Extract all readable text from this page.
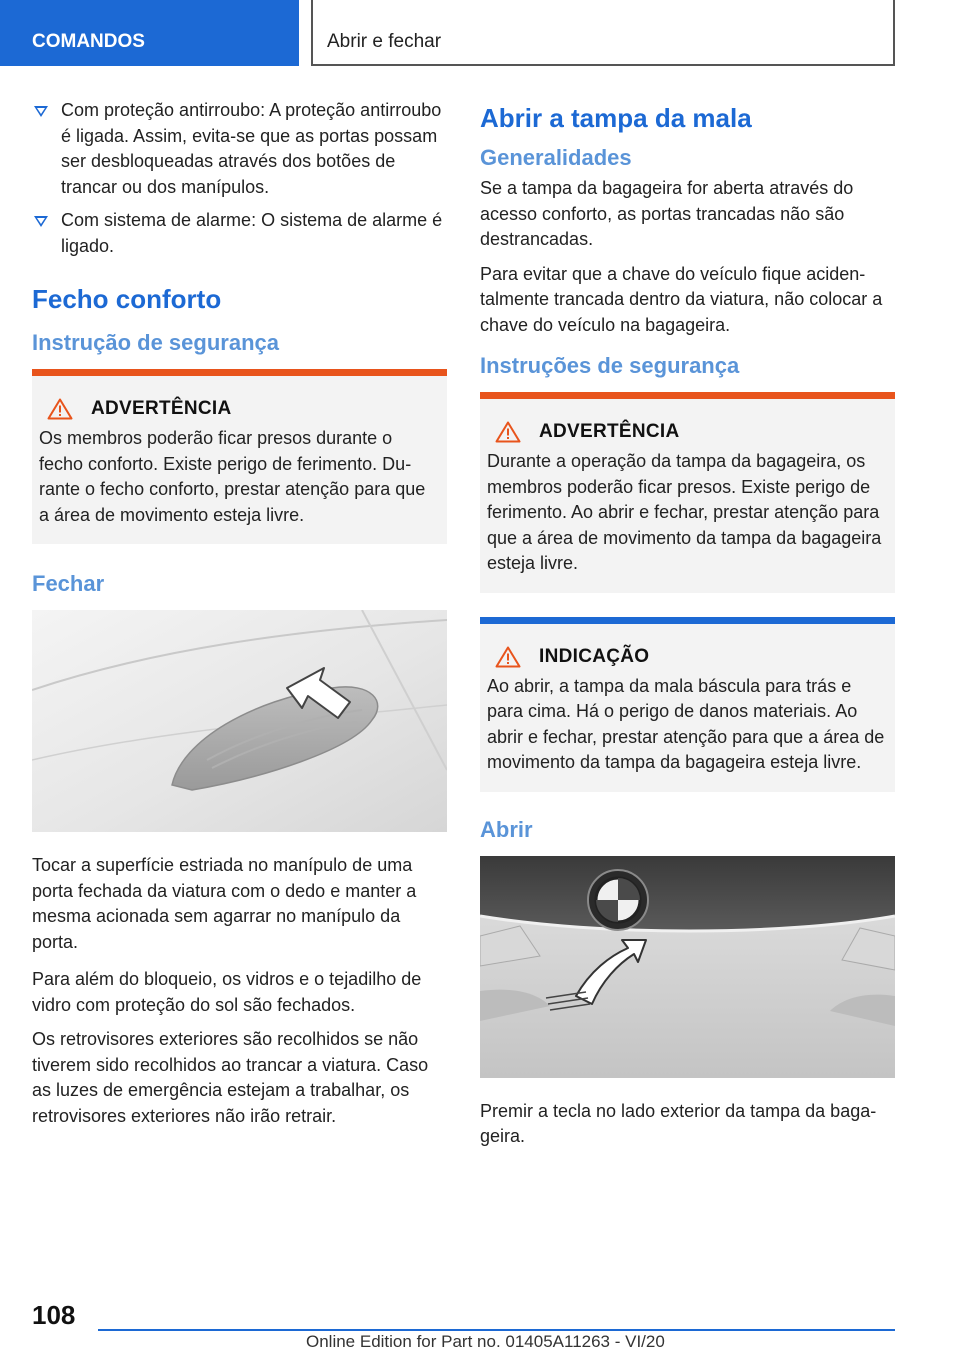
COMANDOS	Abrir e fechar
Com proteção antirroubo: A proteção antirroubo é ligada. Assim, evita-se que as portas possam ser desbloqueadas através dos botões de trancar ou dos manípulos.
Com sistema de alarme: O sistema de alarme é ligado.
Fecho conforto
Instrução de segurança
ADVERTÊNCIA

Os membros poderão ficar presos durante o fecho conforto. Existe perigo de ferimento. Durante o fecho conforto, prestar atenção para que a área de movimento esteja livre.

Fechar

Tocar a superfície estriada no manípulo de uma porta fechada da viatura com o dedo e manter a mesma acionada sem agarrar no manípulo da porta.

Para além do bloqueio, os vidros e o tejadilho de vidro com proteção do sol são fechados.

Os retrovisores exteriores são recolhidos se não tiverem sido recolhidos ao trancar a viatura. Caso as luzes de emergência estejam a trabalhar, os retrovisores exteriores não irão retrair.

Abrir a tampa da mala
Generalidades

Se a tampa da bagageira for aberta através do acesso conforto, as portas trancadas não são destrancadas.

Para evitar que a chave do veículo fique acidentalmente trancada dentro da viatura, não colocar a chave do veículo na bagageira.

Instruções de segurança
ADVERTÊNCIA

Durante a operação da tampa da bagageira, os membros poderão ficar presos. Existe perigo de ferimento. Ao abrir e fechar, prestar atenção para que a área de movimento da tampa da bagageira esteja livre.

INDICAÇÃO

Ao abrir, a tampa da mala báscula para trás e para cima. Há o perigo de danos materiais. Ao abrir e fechar, prestar atenção para que a área de movimento da tampa da bagageira esteja livre.

Abrir

Premir a tecla no lado exterior da tampa da bagageira.

108
Online Edition for Part no. 01405A11263 - VI/20
